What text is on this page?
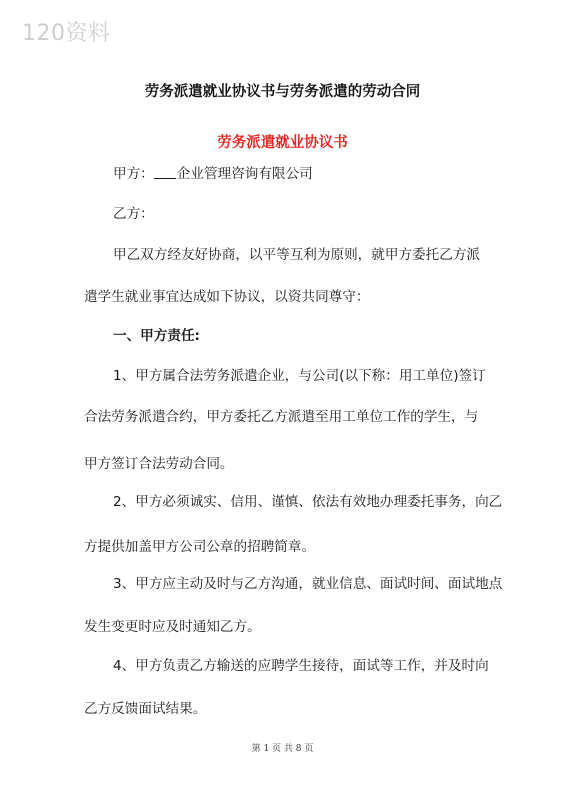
120资料
劳务派遣就业协议书与劳务派遣的劳动合同
劳务派遣就业协议书
甲方： 企业管理咨询有限公司
乙方：
甲乙双方经友好协商，以平等互利为原则，就甲方委托乙方派
遣学生就业事宜达成如下协议，以资共同尊守：
一、甲方责任:
1、甲方属合法劳务派遣企业，与公司(以下称：用工单位)签订
合法劳务派遣合约，甲方委托乙方派遣至用工单位工作的学生，与
甲方签订合法劳动合同。
2、甲方必须诚实、信用、谨慎、依法有效地办理委托事务，向乙
方提供加盖甲方公司公章的招聘简章。
3、甲方应主动及时与乙方沟通，就业信息、面试时间、面试地点
发生变更时应及时通知乙方。
4、甲方负责乙方输送的应聘学生接待，面试等工作，并及时向
乙方反馈面试结果。
第 1 页 共 8 页
